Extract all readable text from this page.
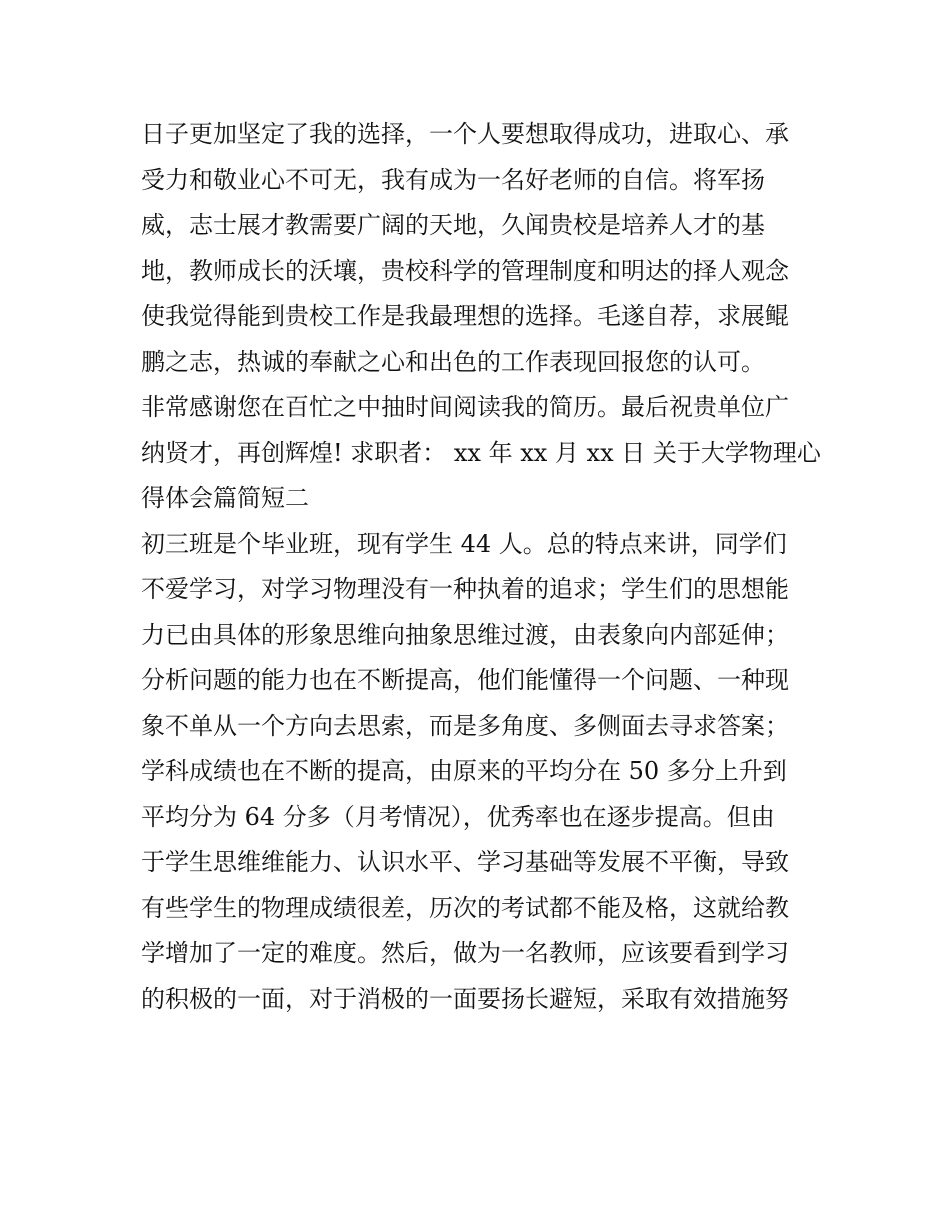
日子更加坚定了我的选择，一个人要想取得成功，进取心、承
受力和敬业心不可无，我有成为一名好老师的自信。将军扬
威，志士展才教需要广阔的天地，久闻贵校是培养人才的基
地，教师成长的沃壤，贵校科学的管理制度和明达的择人观念
使我觉得能到贵校工作是我最理想的选择。毛遂自荐，求展鲲
鹏之志，热诚的奉献之心和出色的工作表现回报您的认可。
非常感谢您在百忙之中抽时间阅读我的简历。最后祝贵单位广
纳贤才，再创辉煌! 求职者： xx 年 xx 月 xx 日 关于大学物理心
得体会篇简短二
初三班是个毕业班，现有学生 44 人。总的特点来讲，同学们
不爱学习，对学习物理没有一种执着的追求；学生们的思想能
力已由具体的形象思维向抽象思维过渡，由表象向内部延伸；
分析问题的能力也在不断提高，他们能懂得一个问题、一种现
象不单从一个方向去思索，而是多角度、多侧面去寻求答案；
学科成绩也在不断的提高，由原来的平均分在 50 多分上升到
平均分为 64 分多（月考情况），优秀率也在逐步提高。但由
于学生思维维能力、认识水平、学习基础等发展不平衡，导致
有些学生的物理成绩很差，历次的考试都不能及格，这就给教
学增加了一定的难度。然后，做为一名教师，应该要看到学习
的积极的一面，对于消极的一面要扬长避短，采取有效措施努
